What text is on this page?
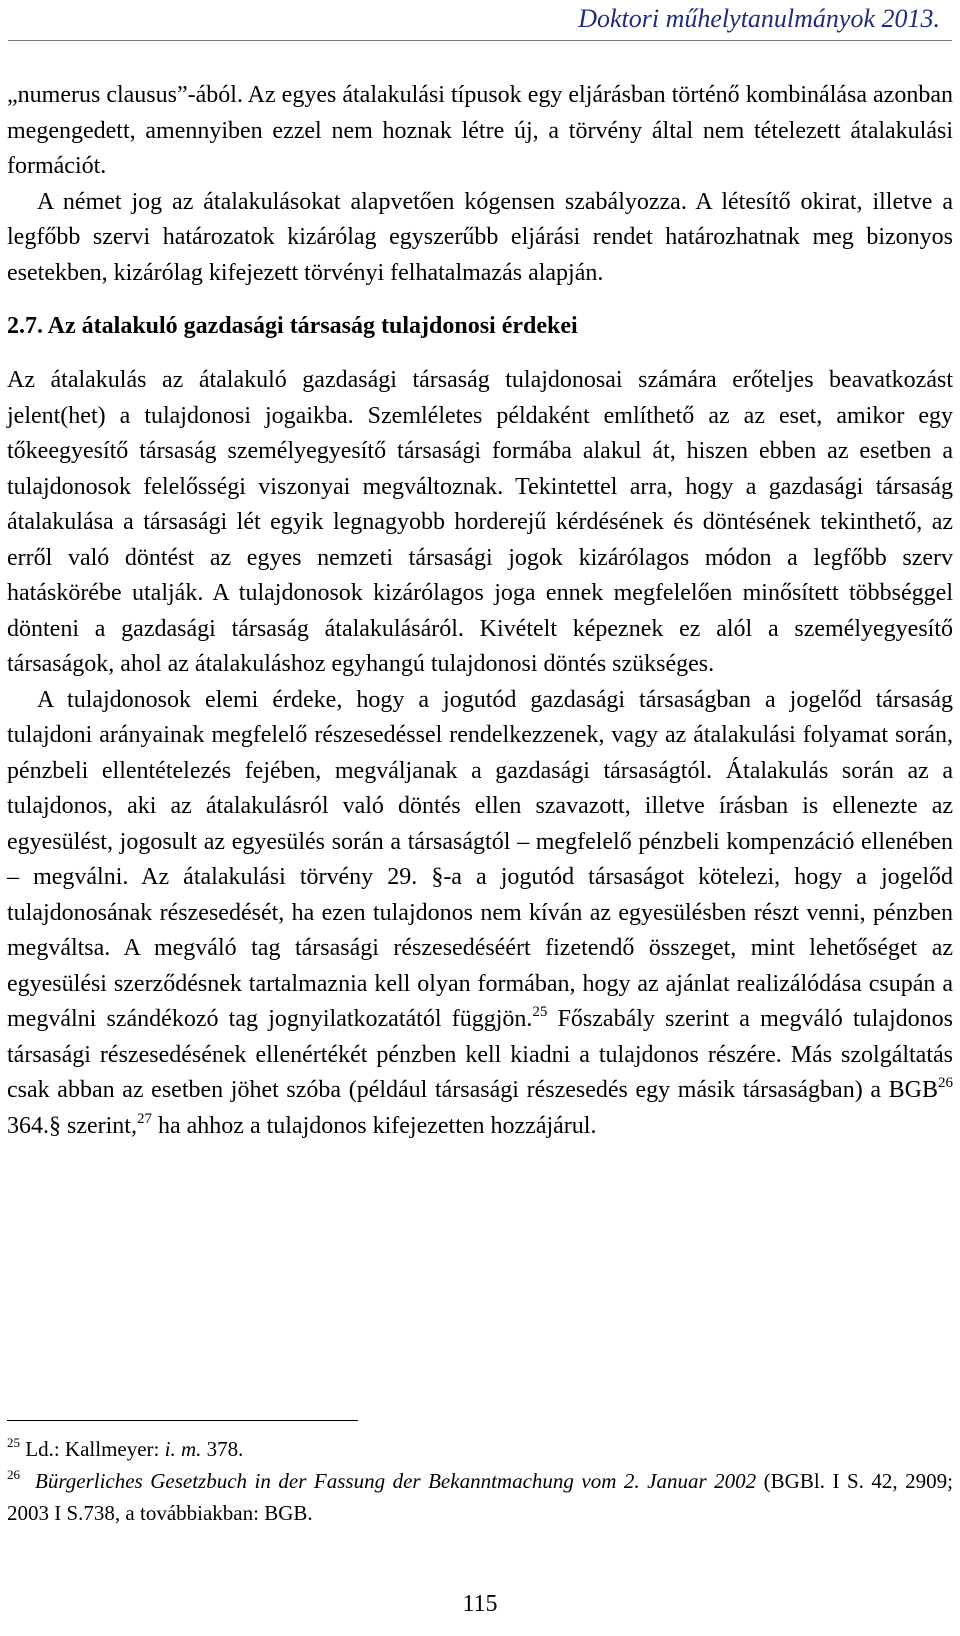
Doktori műhelytanulmányok 2013.

„numerus clausus”-ából. Az egyes átalakulási típusok egy eljárásban történő kombinálása azonban megengedett, amennyiben ezzel nem hoznak létre új, a törvény által nem tételezett átalakulási formációt.

A német jog az átalakulásokat alapvetően kógensen szabályozza. A létesítő okirat, illetve a legfőbb szervi határozatok kizárólag egyszerűbb eljárási rendet határozhatnak meg bizonyos esetekben, kizárólag kifejezett törvényi felhatalmazás alapján.

2.7. Az átalakuló gazdasági társaság tulajdonosi érdekei

Az átalakulás az átalakuló gazdasági társaság tulajdonosai számára erőteljes beavatkozást jelent(het) a tulajdonosi jogaikba. Szemléletes példaként említhető az az eset, amikor egy tőkeegyesítő társaság személyegyesítő társasági formába alakul át, hiszen ebben az esetben a tulajdonosok felelősségi viszonyai megváltoznak. Tekintettel arra, hogy a gazdasági társaság átalakulása a társasági lét egyik legnagyobb horderejű kérdésének és döntésének tekinthető, az erről való döntést az egyes nemzeti társasági jogok kizárólagos módon a legfőbb szerv hatáskörébe utalják. A tulajdonosok kizárólagos joga ennek megfelelően minősített többséggel dönteni a gazdasági társaság átalakulásáról. Kivételt képeznek ez alól a személyegyesítő társaságok, ahol az átalakuláshoz egyhangú tulajdonosi döntés szükséges.

A tulajdonosok elemi érdeke, hogy a jogutód gazdasági társaságban a jogelőd társaság tulajdoni arányainak megfelelő részesedéssel rendelkezzenek, vagy az átalakulási folyamat során, pénzbeli ellentételezés fejében, megváljanak a gazdasági társaságtól. Átalakulás során az a tulajdonos, aki az átalakulásról való döntés ellen szavazott, illetve írásban is ellenezte az egyesülést, jogosult az egyesülés során a társaságtól – megfelelő pénzbeli kompenzáció ellenében – megválni. Az átalakulási törvény 29. §-a a jogutód társaságot kötelezi, hogy a jogelőd tulajdonosának részesedését, ha ezen tulajdonos nem kíván az egyesülésben részt venni, pénzben megváltsa. A megváló tag társasági részesedéséért fizetendő összeget, mint lehetőséget az egyesülési szerződésnek tartalmaznia kell olyan formában, hogy az ajánlat realizálódása csupán a megválni szándékozó tag jognyilatkozatától függjön.$^{25}$ Főszabály szerint a megváló tulajdonos társasági részesedésének ellenértékét pénzben kell kiadni a tulajdonos részére. Más szolgáltatás csak abban az esetben jöhet szóba (például társasági részesedés egy másik társaságban) a BGB$^{26}$ 364.§ szerint,$^{27}$ ha ahhoz a tulajdonos kifejezetten hozzájárul.

$^{25}$ Ld.: Kallmeyer: i. m. 378.

$^{26}$ Bürgerliches Gesetzbuch in der Fassung der Bekanntmachung vom 2. Januar 2002 (BGBl. I S. 42, 2909; 2003 I S.738, a továbbiakban: BGB.

115
